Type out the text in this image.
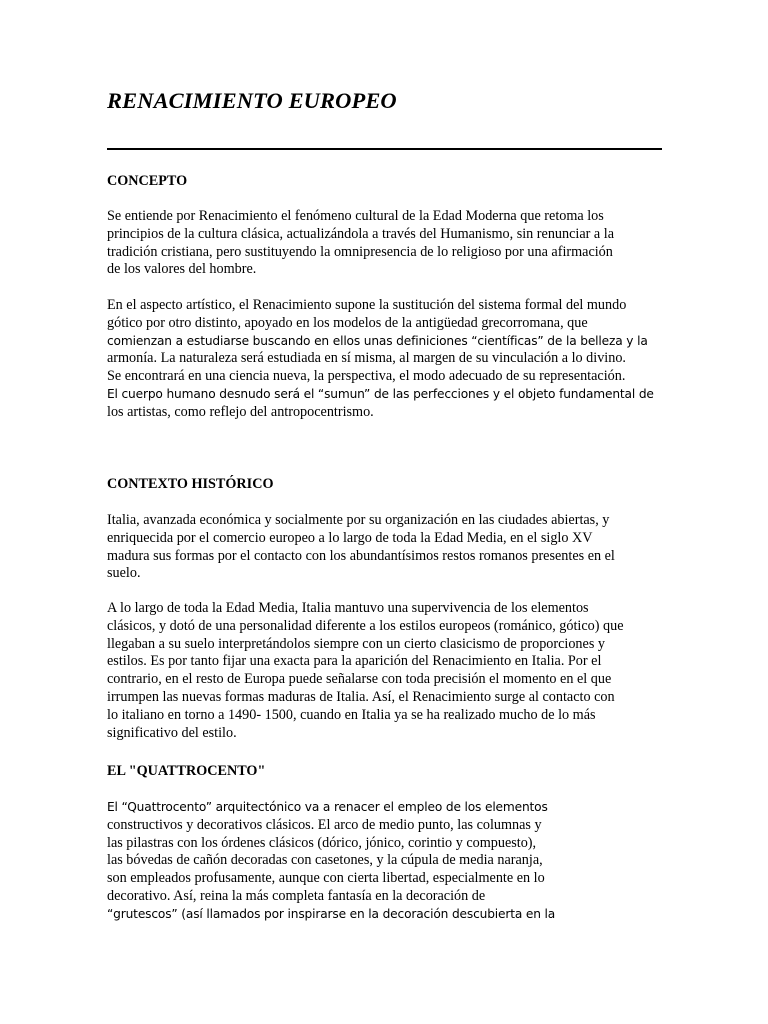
RENACIMIENTO EUROPEO
CONCEPTO

Se entiende por Renacimiento el fenómeno cultural de la Edad Moderna que retoma los
principios de la cultura clásica, actualizándola a través del Humanismo, sin renunciar a la
tradición cristiana, pero sustituyendo la omnipresencia de lo religioso por una afirmación
de los valores del hombre.

En el aspecto artístico, el Renacimiento supone la sustitución del sistema formal del mundo
gótico por otro distinto, apoyado en los modelos de la antigüedad grecorromana, que
comienzan a estudiarse buscando en ellos unas definiciones “científicas” de la belleza y la
armonía. La naturaleza será estudiada en sí misma, al margen de su vinculación a lo divino.
Se encontrará en una ciencia nueva, la perspectiva, el modo adecuado de su representación.
El cuerpo humano desnudo será el “sumun” de las perfecciones y el objeto fundamental de
los artistas, como reflejo del antropocentrismo.

CONTEXTO HISTÓRICO

Italia, avanzada económica y socialmente por su organización en las ciudades abiertas, y
enriquecida por el comercio europeo a lo largo de toda la Edad Media, en el siglo XV
madura sus formas por el contacto con los abundantísimos restos romanos presentes en el
suelo.

A lo largo de toda la Edad Media, Italia mantuvo una supervivencia de los elementos
clásicos, y dotó de una personalidad diferente a los estilos europeos (románico, gótico) que
llegaban a su suelo interpretándolos siempre con un cierto clasicismo de proporciones y
estilos. Es por tanto fijar una exacta para la aparición del Renacimiento en Italia. Por el
contrario, en el resto de Europa puede señalarse con toda precisión el momento en el que
irrumpen las nuevas formas maduras de Italia. Así, el Renacimiento surge al contacto con
lo italiano en torno a 1490- 1500, cuando en Italia ya se ha realizado mucho de lo más
significativo del estilo.

EL "QUATTROCENTO"

El “Quattrocento” arquitectónico va a renacer el empleo de los elementos
constructivos y decorativos clásicos. El arco de medio punto, las columnas y
las pilastras con los órdenes clásicos (dórico, jónico, corintio y compuesto),
las bóvedas de cañón decoradas con casetones, y la cúpula de media naranja,
son empleados profusamente, aunque con cierta libertad, especialmente en lo
decorativo. Así, reina la más completa fantasía en la decoración de
“grutescos” (así llamados por inspirarse en la decoración descubierta en la
